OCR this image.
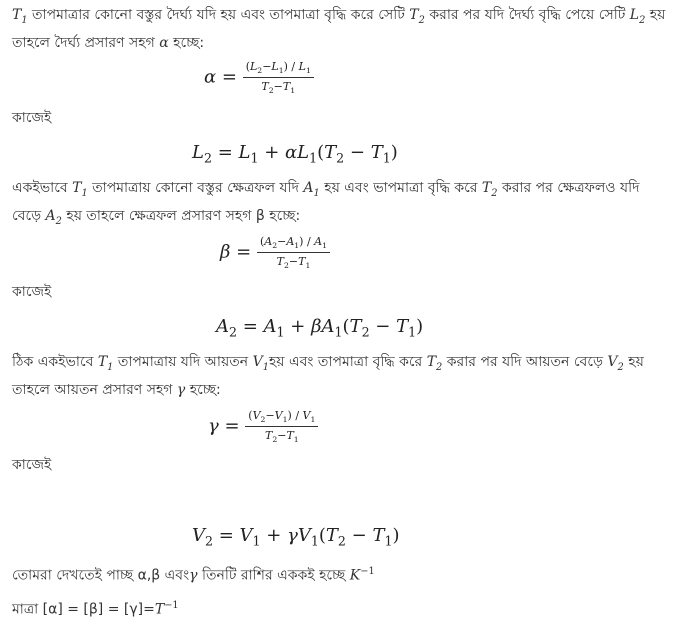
$T_1$ তাপমাত্রার কোনো বস্তুর দৈর্ঘ্য যদি হয় এবং তাপমাত্রা বৃদ্ধি করে সেটি $T_2$ করার পর যদি দৈর্ঘ্য বৃদ্ধি পেয়ে সেটি $L_2$ হয়
তাহলে দৈর্ঘ্য প্রসারণ সহগ α হচ্ছে:
$\alpha = \frac{(L_2-L_1) / L_1}{T_2-T_1}$
কাজেই
$L_2 = L_1 + \alpha L_1(T_2 - T_1)$
একইভাবে $T_1$ তাপমাত্রায় কোনো বস্তুর ক্ষেত্রফল যদি $A_1$ হয় এবং ভাপমাত্রা বৃদ্ধি করে $T_2$ করার পর ক্ষেত্রফলও যদি
বেড়ে $A_2$ হয় তাহলে ক্ষেত্রফল প্রসারণ সহগ β হচ্ছে:
$\beta = \frac{(A_2-A_1) / A_1}{T_2-T_1}$
কাজেই
$A_2 = A_1 + \beta A_1(T_2 - T_1)$
ঠিক একইভাবে $T_1$ তাপমাত্রায় যদি আয়তন $V_1হয়$ এবং তাপমাত্রা বৃদ্ধি করে $T_2$ করার পর যদি আয়তন বেড়ে $V_2$ হয়
তাহলে আয়তন প্রসারণ সহগ γ হচ্ছে:
$\gamma = \frac{(V_2-V_1) / V_1}{T_2-T_1}$
কাজেই
$V_2 = V_1 + \gamma V_1(T_2 - T_1)$
তোমরা দেখতেই পাচ্ছ α,β এবংγ তিনটি রাশির এককই হচ্ছে $K^{-1}$
মাত্রা $[\alpha] = [\beta] = [\gamma]=T^{-1}$
